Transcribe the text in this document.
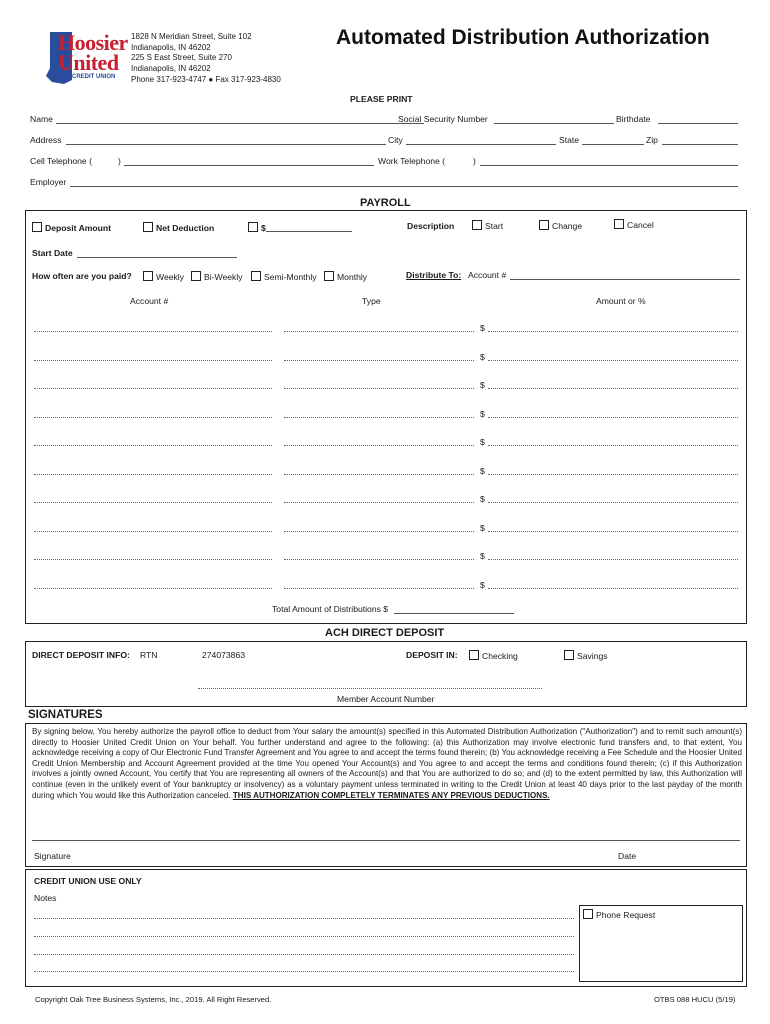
Hoosier
United
CREDIT UNION
1828 N Meridian Street, Suite 102
Indianapolis, IN 46202
225 S East Street, Suite 270
Indianapolis, IN 46202
Phone 317-923-4747 ● Fax 317-923-4830
Automated Distribution Authorization
PLEASE PRINT
Name	Social Security Number	Birthdate
Address	City	State	Zip
Cell Telephone (	)	Work Telephone (	)
Employer
PAYROLL
Deposit Amount	Net Deduction	$	Description	Start	Change	Cancel
Start Date
How often are you paid?	Weekly	Bi-Weekly	Semi-Monthly	Monthly	Distribute To: Account #
Account #	Type	Amount or %
$
$
$
$
$
$
$
$
$
$
Total Amount of Distributions $
ACH DIRECT DEPOSIT
DIRECT DEPOSIT INFO: RTN	274073863	DEPOSIT IN:	Checking	Savings
Member Account Number
SIGNATURES
By signing below, You hereby authorize the payroll office to deduct from Your salary the amount(s) specified in this Automated Distribution Authorization ("Authorization") and to remit such amount(s) directly to Hoosier United Credit Union on Your behalf. You further understand and agree to the following: (a) this Authorization may involve electronic fund transfers and, to that extent, You acknowledge receiving a copy of Our Electronic Fund Transfer Agreement and You agree to and accept the terms found therein; (b) You acknowledge receiving a Fee Schedule and the Hoosier United Credit Union Membership and Account Agreement provided at the time You opened Your Account(s) and You agree to and accept the terms and conditions found therein; (c) if this Authorization involves a jointly owned Account, You certify that You are representing all owners of the Account(s) and that You are authorized to do so; and (d) to the extent permitted by law, this Authorization will continue (even in the unlikely event of Your bankruptcy or insolvency) as a voluntary payment unless terminated in writing to the Credit Union at least 40 days prior to the last payday of the month during which You would like this Authorization canceled. THIS AUTHORIZATION COMPLETELY TERMINATES ANY PREVIOUS DEDUCTIONS.
Signature	Date
CREDIT UNION USE ONLY
Notes
Phone Request
Copyright Oak Tree Business Systems, Inc., 2019. All Right Reserved.	OTBS 088 HUCU (5/19)
